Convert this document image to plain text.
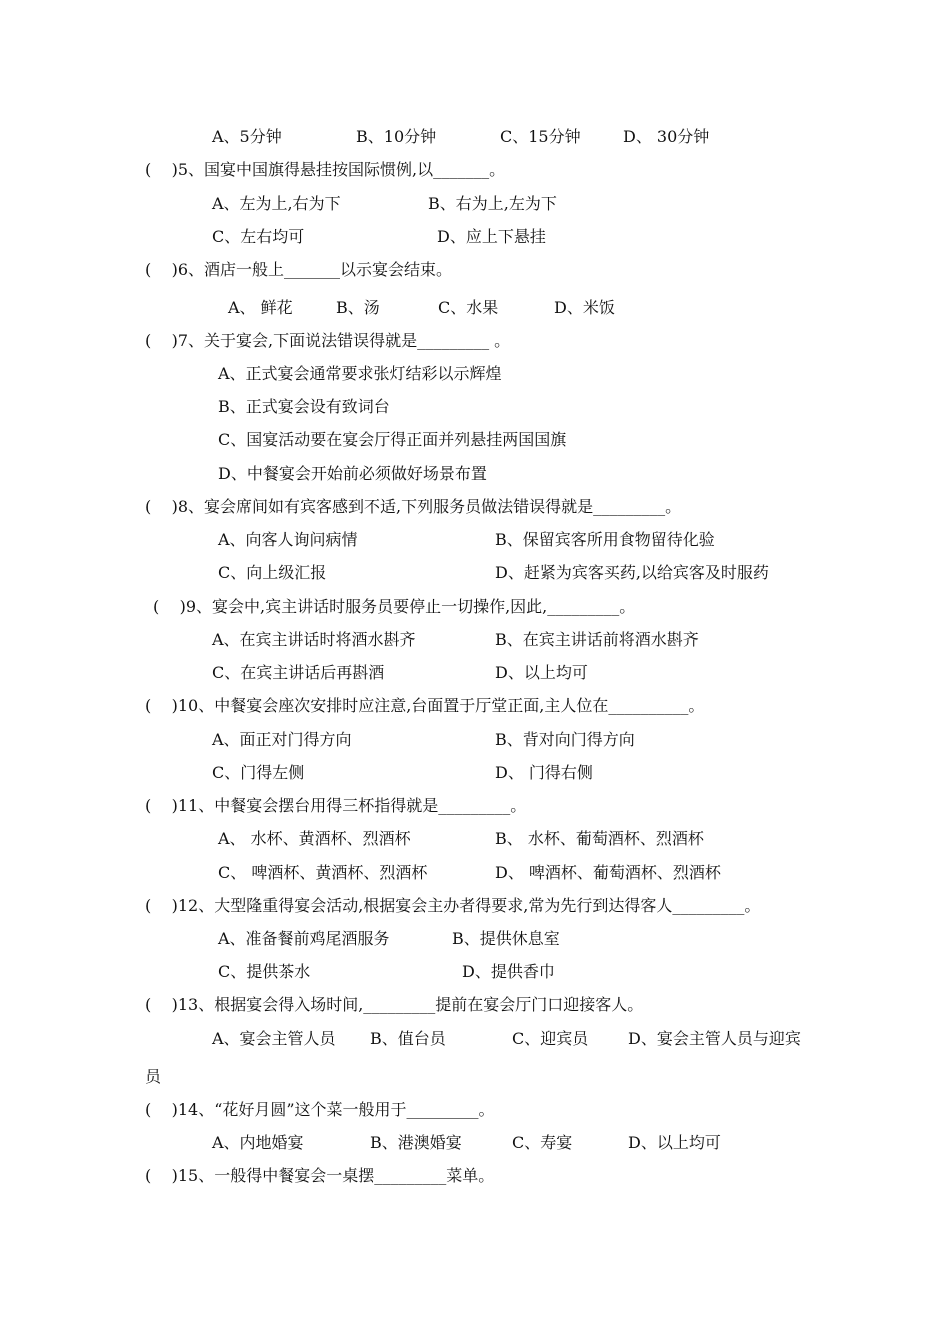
A、5分钟	B、10分钟	C、15分钟	D、 30分钟
(    )5、国宴中国旗得悬挂按国际惯例,以_______。
A、左为上,右为下	B、右为上,左为下
C、左右均可	D、应上下悬挂
(    )6、酒店一般上_______以示宴会结束。
A、 鲜花	B、汤	C、水果	D、米饭
(    )7、关于宴会,下面说法错误得就是_________ 。
A、正式宴会通常要求张灯结彩以示辉煌
B、正式宴会设有致词台
C、国宴活动要在宴会厅得正面并列悬挂两国国旗
D、中餐宴会开始前必须做好场景布置
(    )8、宴会席间如有宾客感到不适,下列服务员做法错误得就是_________。
A、向客人询问病情	B、保留宾客所用食物留待化验
C、向上级汇报	D、赶紧为宾客买药,以给宾客及时服药
(    )9、宴会中,宾主讲话时服务员要停止一切操作,因此,_________。
A、在宾主讲话时将酒水斟齐	B、在宾主讲话前将酒水斟齐
C、在宾主讲话后再斟酒	D、以上均可
(    )10、中餐宴会座次安排时应注意,台面置于厅堂正面,主人位在__________。
A、面正对门得方向	B、背对向门得方向
C、门得左侧	D、 门得右侧
(    )11、中餐宴会摆台用得三杯指得就是_________。
A、 水杯、黄酒杯、烈酒杯	B、 水杯、葡萄酒杯、烈酒杯
C、 啤酒杯、黄酒杯、烈酒杯	D、 啤酒杯、葡萄酒杯、烈酒杯
(    )12、大型隆重得宴会活动,根据宴会主办者得要求,常为先行到达得客人_________。
A、准备餐前鸡尾酒服务	B、提供休息室
C、提供茶水	D、提供香巾
(    )13、根据宴会得入场时间,_________提前在宴会厅门口迎接客人。
A、宴会主管人员 B、值台员	C、迎宾员 D、宴会主管人员与迎宾
员
(    )14、“花好月圆”这个菜一般用于_________。
A、内地婚宴	B、港澳婚宴	C、寿宴	D、以上均可
(    )15、一般得中餐宴会一桌摆_________菜单。
